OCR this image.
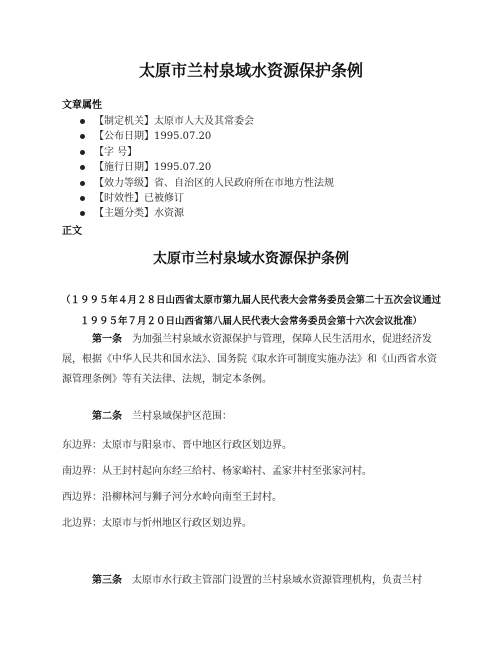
太原市兰村泉域水资源保护条例
文章属性
【制定机关】太原市人大及其常委会
【公布日期】1995.07.20
【字 号】
【施行日期】1995.07.20
【效力等级】省、自治区的人民政府所在市地方性法规
【时效性】已被修订
【主题分类】水资源
正文
太原市兰村泉域水资源保护条例
（１９９５年４月２８日山西省太原市第九届人民代表大会常务委员会第二十五次会议通过
１９９５年７月２０日山西省第八届人民代表大会常务委员会第十六次会议批准）

第一条 为加强兰村泉域水资源保护与管理，保障人民生活用水，促进经济发展，根据《中华人民共和国水法》、国务院《取水许可制度实施办法》和《山西省水资源管理条例》等有关法律、法规，制定本条例。

第二条 兰村泉域保护区范围：

东边界：太原市与阳泉市、晋中地区行政区划边界。

南边界：从王封村起向东经三给村、杨家峪村、孟家井村至张家河村。

西边界：沿柳林河与狮子河分水岭向南至王封村。

北边界：太原市与忻州地区行政区划边界。

第三条 太原市水行政主管部门设置的兰村泉域水资源管理机构，负责兰村
